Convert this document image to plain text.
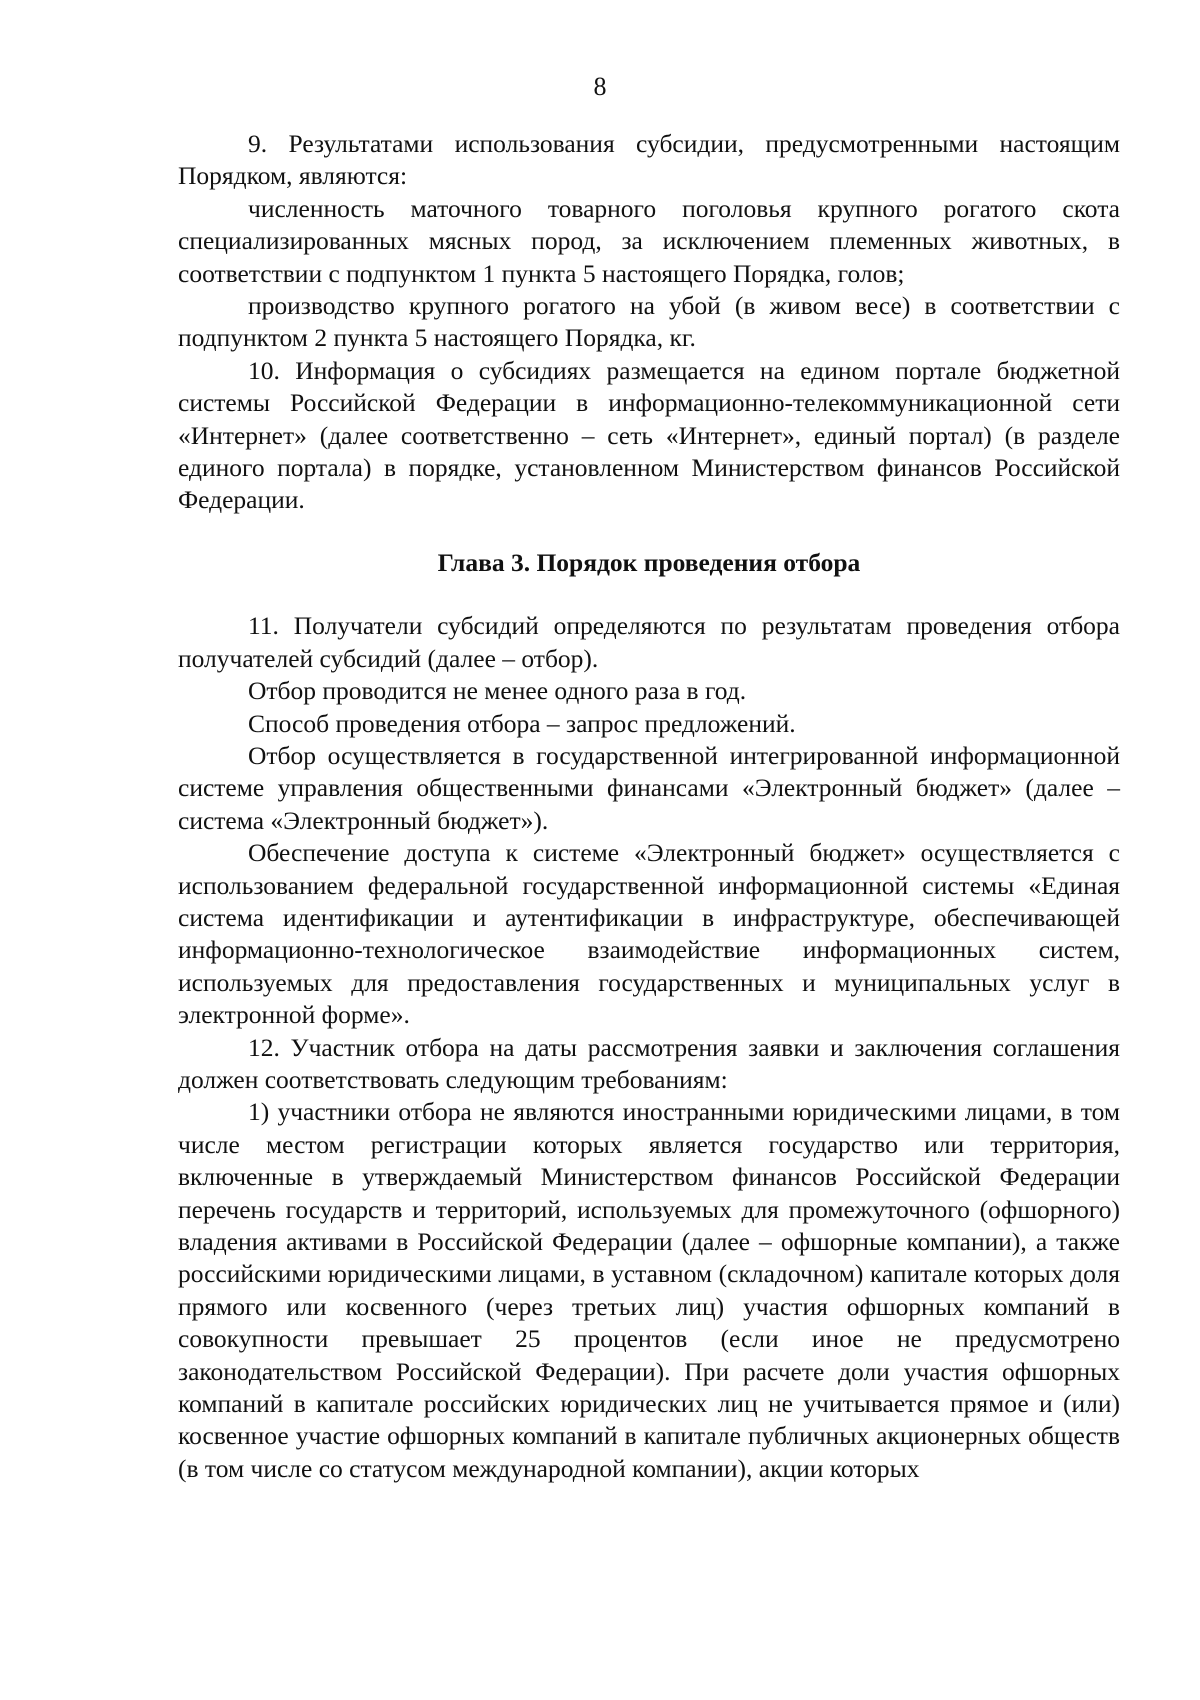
8

9. Результатами использования субсидии, предусмотренными настоящим Порядком, являются:

численность маточного товарного поголовья крупного рогатого скота специализированных мясных пород, за исключением племенных животных, в соответствии с подпунктом 1 пункта 5 настоящего Порядка, голов;

производство крупного рогатого на убой (в живом весе) в соответствии с подпунктом 2 пункта 5 настоящего Порядка, кг.

10. Информация о субсидиях размещается на едином портале бюджетной системы Российской Федерации в информационно-телекоммуникационной сети «Интернет» (далее соответственно – сеть «Интернет», единый портал) (в разделе единого портала) в порядке, установленном Министерством финансов Российской Федерации.

Глава 3. Порядок проведения отбора

11. Получатели субсидий определяются по результатам проведения отбора получателей субсидий (далее – отбор).

Отбор проводится не менее одного раза в год.

Способ проведения отбора – запрос предложений.

Отбор осуществляется в государственной интегрированной информационной системе управления общественными финансами «Электронный бюджет» (далее – система «Электронный бюджет»).

Обеспечение доступа к системе «Электронный бюджет» осуществляется с использованием федеральной государственной информационной системы «Единая система идентификации и аутентификации в инфраструктуре, обеспечивающей информационно-технологическое взаимодействие информационных систем, используемых для предоставления государственных и муниципальных услуг в электронной форме».

12. Участник отбора на даты рассмотрения заявки и заключения соглашения должен соответствовать следующим требованиям:

1) участники отбора не являются иностранными юридическими лицами, в том числе местом регистрации которых является государство или территория, включенные в утверждаемый Министерством финансов Российской Федерации перечень государств и территорий, используемых для промежуточного (офшорного) владения активами в Российской Федерации (далее – офшорные компании), а также российскими юридическими лицами, в уставном (складочном) капитале которых доля прямого или косвенного (через третьих лиц) участия офшорных компаний в совокупности превышает 25 процентов (если иное не предусмотрено законодательством Российской Федерации). При расчете доли участия офшорных компаний в капитале российских юридических лиц не учитывается прямое и (или) косвенное участие офшорных компаний в капитале публичных акционерных обществ (в том числе со статусом международной компании), акции которых
